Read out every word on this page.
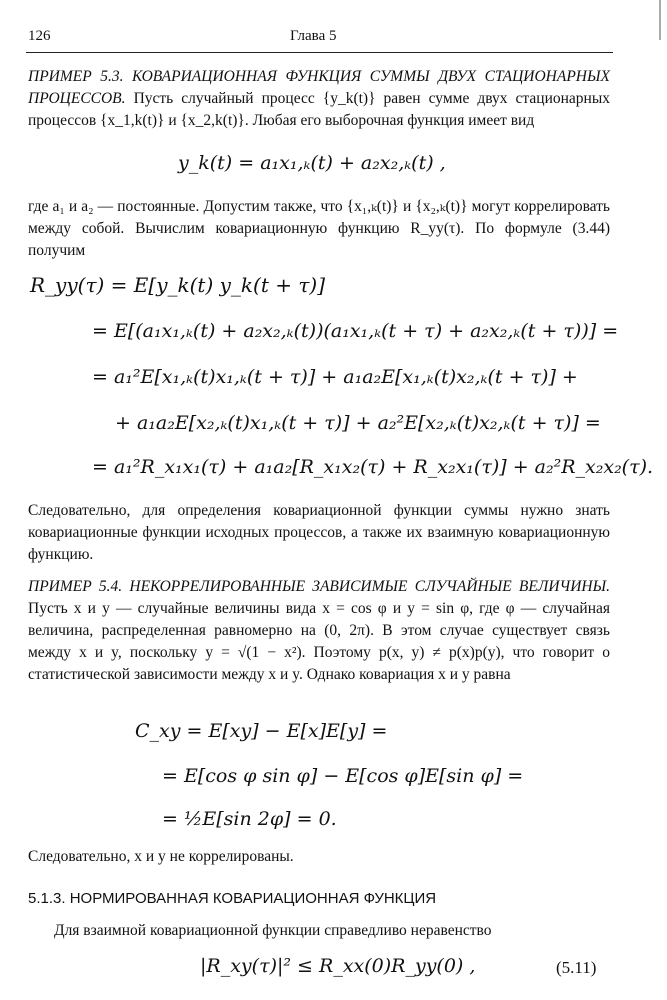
126	Глава 5
ПРИМЕР 5.3. КОВАРИАЦИОННАЯ ФУНКЦИЯ СУММЫ ДВУХ СТАЦИОНАРНЫХ ПРОЦЕССОВ. Пусть случайный процесс {y_k(t)} равен сумме двух стационарных процессов {x_1,k(t)} и {x_2,k(t)}. Любая его выборочная функция имеет вид
y_k(t) = a₁x₁,ₖ(t) + a₂x₂,ₖ(t) ,
где a₁ и a₂ — постоянные. Допустим также, что {x₁,ₖ(t)} и {x₂,ₖ(t)} могут коррелировать между собой. Вычислим ковариационную функцию R_yy(τ). По формуле (3.44) получим
R_yy(τ) = E[y_k(t) y_k(t + τ)]
= E[(a₁x₁,ₖ(t) + a₂x₂,ₖ(t))(a₁x₁,ₖ(t + τ) + a₂x₂,ₖ(t + τ))] =
= a₁²E[x₁,ₖ(t)x₁,ₖ(t + τ)] + a₁a₂E[x₁,ₖ(t)x₂,ₖ(t + τ)] +
+ a₁a₂E[x₂,ₖ(t)x₁,ₖ(t + τ)] + a₂²E[x₂,ₖ(t)x₂,ₖ(t + τ)] =
= a₁²R_x₁x₁(τ) + a₁a₂[R_x₁x₂(τ) + R_x₂x₁(τ)] + a₂²R_x₂x₂(τ).
Следовательно, для определения ковариационной функции суммы нужно знать ковариационные функции исходных процессов, а также их взаимную ковариационную функцию.
ПРИМЕР 5.4. НЕКОРРЕЛИРОВАННЫЕ ЗАВИСИМЫЕ СЛУЧАЙНЫЕ ВЕЛИЧИНЫ. Пусть x и y — случайные величины вида x = cos φ и y = sin φ, где φ — случайная величина, распределенная равномерно на (0, 2π). В этом случае существует связь между x и y, поскольку y = √(1 − x²). Поэтому p(x, y) ≠ p(x)p(y), что говорит о статистической зависимости между x и y. Однако ковариация x и y равна
C_xy = E[xy] − E[x]E[y] =
= E[cos φ sin φ] − E[cos φ]E[sin φ] =
= ½E[sin 2φ] = 0.
Следовательно, x и y не коррелированы.
5.1.3. НОРМИРОВАННАЯ КОВАРИАЦИОННАЯ ФУНКЦИЯ
Для взаимной ковариационной функции справедливо неравенство
|R_xy(τ)|² ≤ R_xx(0)R_yy(0) ,	(5.11)
